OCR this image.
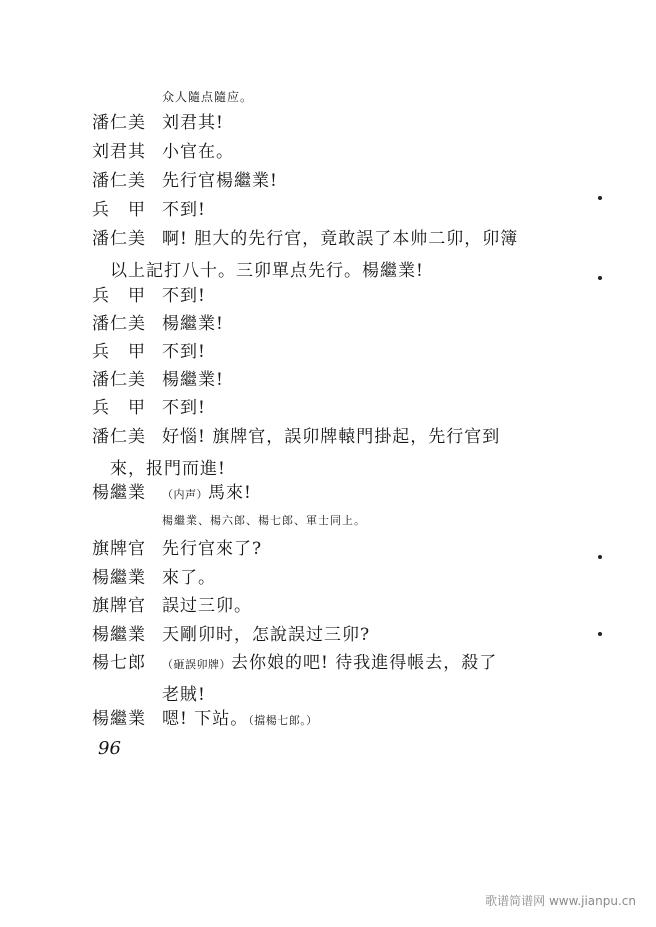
众人隨点隨应。
潘仁美 刘君其!
刘君其 小官在。
潘仁美 先行官楊繼業!
兵　甲 不到!
潘仁美 啊! 胆大的先行官，竟敢誤了本帅二卯，卯簿
以上記打八十。三卯單点先行。楊繼業!
兵　甲 不到!
潘仁美 楊繼業!
兵　甲 不到!
潘仁美 楊繼業!
兵　甲 不到!
潘仁美 好惱! 旗牌官，誤卯牌轅門掛起，先行官到
來，报門而進!
楊繼業 （内声）馬來!
楊繼業、楊六郎、楊七郎、軍士同上。
旗牌官 先行官來了?
楊繼業 來了。
旗牌官 誤过三卯。
楊繼業 天剛卯时，怎說誤过三卯?
楊七郎 （砸誤卯牌）去你娘的吧! 待我進得帳去，殺了
老賊!
楊繼業 嗯! 下站。（擋楊七郎。）
96
歌谱简谱网 www.jianpu.cn
